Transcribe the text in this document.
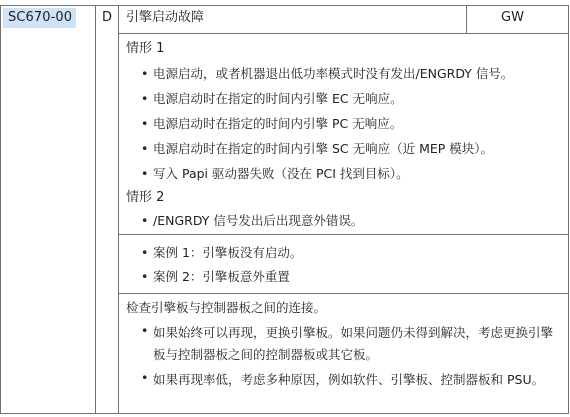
SC670-00	D 引擎启动故障	GW
情形 1
• 电源启动，或者机器退出低功率模式时没有发出/ENGRDY 信号。
• 电源启动时在指定的时间内引擎 EC 无响应。
• 电源启动时在指定的时间内引擎 PC 无响应。
• 电源启动时在指定的时间内引擎 SC 无响应（近 MEP 模块）。
• 写入 Papi 驱动器失败（没在 PCI 找到目标）。
情形 2
• /ENGRDY 信号发出后出现意外错误。
• 案例 1：引擎板没有启动。
• 案例 2：引擎板意外重置
检查引擎板与控制器板之间的连接。
• 如果始终可以再现，更换引擎板。如果问题仍未得到解决，考虑更换引擎板与控制器板之间的控制器板或其它板。
• 如果再现率低，考虑多种原因，例如软件、引擎板、控制器板和 PSU。
